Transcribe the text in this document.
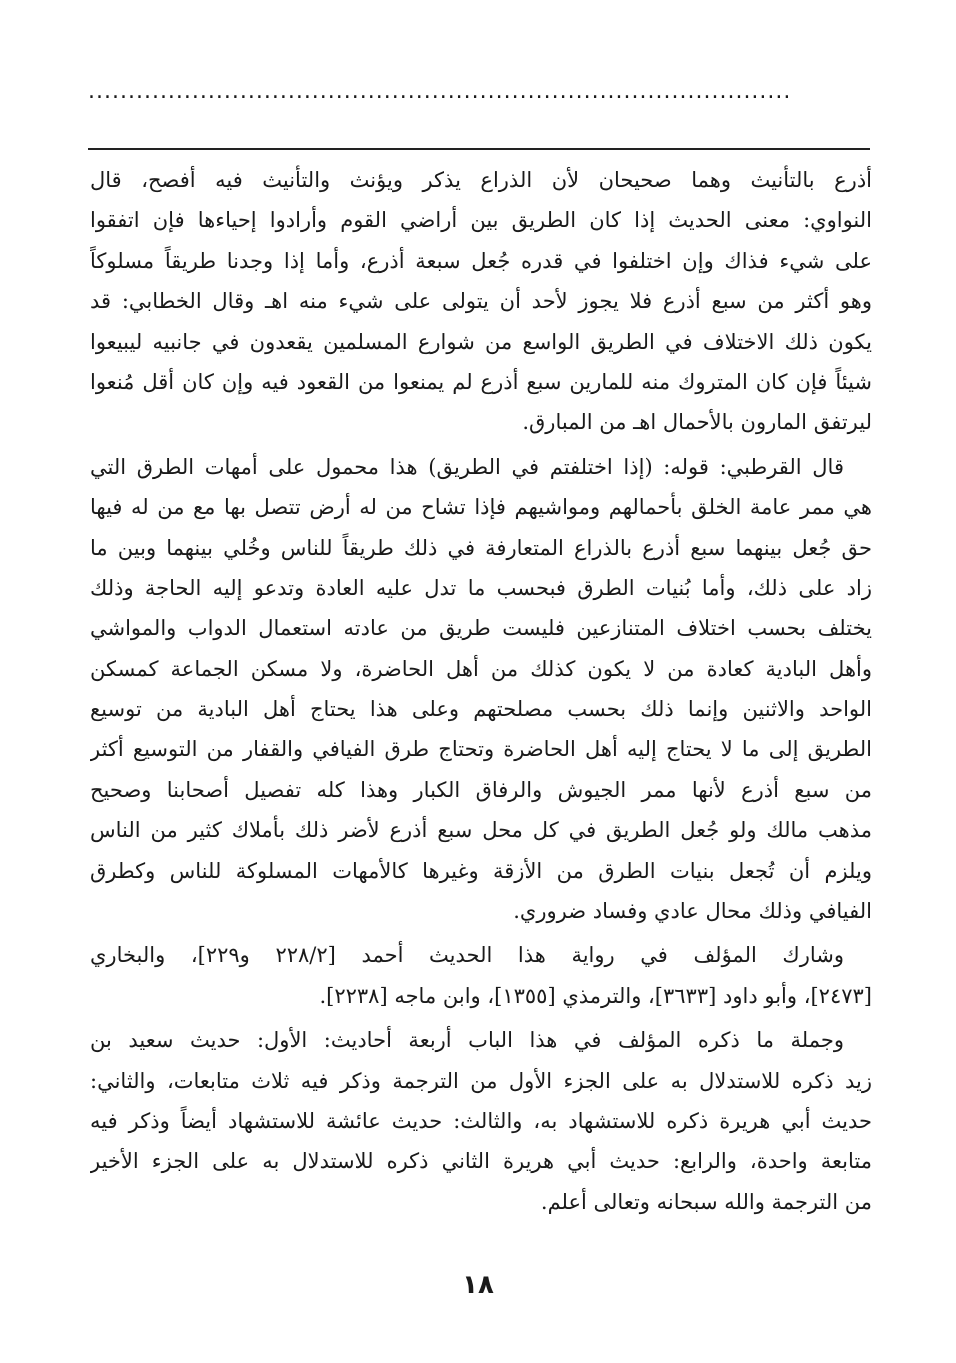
........................................................................................
أذرع بالتأنيث وهما صحيحان لأن الذراع يذكر ويؤنث والتأنيث فيه أفصح، قال
النواوي: معنى الحديث إذا كان الطريق بين أراضي القوم وأرادوا إحياءها فإن اتفقوا
على شيء فذاك وإن اختلفوا في قدره جُعل سبعة أذرع، وأما إذا وجدنا طريقاً مسلوكاً
وهو أكثر من سبع أذرع فلا يجوز لأحد أن يتولى على شيء منه اهـ وقال الخطابي: قد
يكون ذلك الاختلاف في الطريق الواسع من شوارع المسلمين يقعدون في جانبيه ليبيعوا
شيئاً فإن كان المتروك منه للمارين سبع أذرع لم يمنعوا من القعود فيه وإن كان أقل مُنعوا
ليرتفق المارون بالأحمال اهـ من المبارق.
قال القرطبي: قوله: (إذا اختلفتم في الطريق) هذا محمول على أمهات الطرق التي
هي ممر عامة الخلق بأحمالهم ومواشيهم فإذا تشاح من له أرض تتصل بها مع من له فيها
حق جُعل بينهما سبع أذرع بالذراع المتعارفة في ذلك طريقاً للناس وخُلي بينهما وبين ما
زاد على ذلك، وأما بُنيات الطرق فبحسب ما تدل عليه العادة وتدعو إليه الحاجة وذلك
يختلف بحسب اختلاف المتنازعين فليست طريق من عادته استعمال الدواب والمواشي
وأهل البادية كعادة من لا يكون كذلك من أهل الحاضرة، ولا مسكن الجماعة كمسكن
الواحد والاثنين وإنما ذلك بحسب مصلحتهم وعلى هذا يحتاج أهل البادية من توسيع
الطريق إلى ما لا يحتاج إليه أهل الحاضرة وتحتاج طرق الفيافي والقفار من التوسيع أكثر
من سبع أذرع لأنها ممر الجيوش والرفاق الكبار وهذا كله تفصيل أصحابنا وصحيح
مذهب مالك ولو جُعل الطريق في كل محل سبع أذرع لأضر ذلك بأملاك كثير من الناس
ويلزم أن تُجعل بنيات الطرق من الأزقة وغيرها كالأمهات المسلوكة للناس وكطرق
الفيافي وذلك محال عادي وفساد ضروري.
وشارك المؤلف في رواية هذا الحديث أحمد [٢٢٨/٢ و٢٢٩]، والبخاري
[٢٤٧٣]، وأبو داود [٣٦٣٣]، والترمذي [١٣٥٥]، وابن ماجه [٢٢٣٨].
وجملة ما ذكره المؤلف في هذا الباب أربعة أحاديث: الأول: حديث سعيد بن
زيد ذكره للاستدلال به على الجزء الأول من الترجمة وذكر فيه ثلاث متابعات، والثاني:
حديث أبي هريرة ذكره للاستشهاد به، والثالث: حديث عائشة للاستشهاد أيضاً وذكر فيه
متابعة واحدة، والرابع: حديث أبي هريرة الثاني ذكره للاستدلال به على الجزء الأخير
من الترجمة والله سبحانه وتعالى أعلم.
١٨
